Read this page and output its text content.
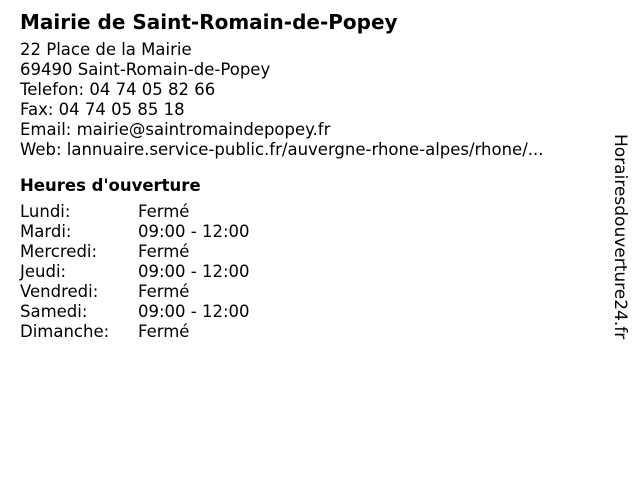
Mairie de Saint-Romain-de-Popey
22 Place de la Mairie
69490 Saint-Romain-de-Popey
Telefon: 04 74 05 82 66
Fax: 04 74 05 85 18
Email: mairie@saintromaindepopey.fr
Web: lannuaire.service-public.fr/auvergne-rhone-alpes/rhone/...
Heures d'ouverture
Lundi:	Fermé
Mardi:	09:00 - 12:00
Mercredi: Fermé
Jeudi:	09:00 - 12:00
Vendredi: Fermé
Samedi:	09:00 - 12:00
Dimanche: Fermé	Horairesdouverture24.fr
